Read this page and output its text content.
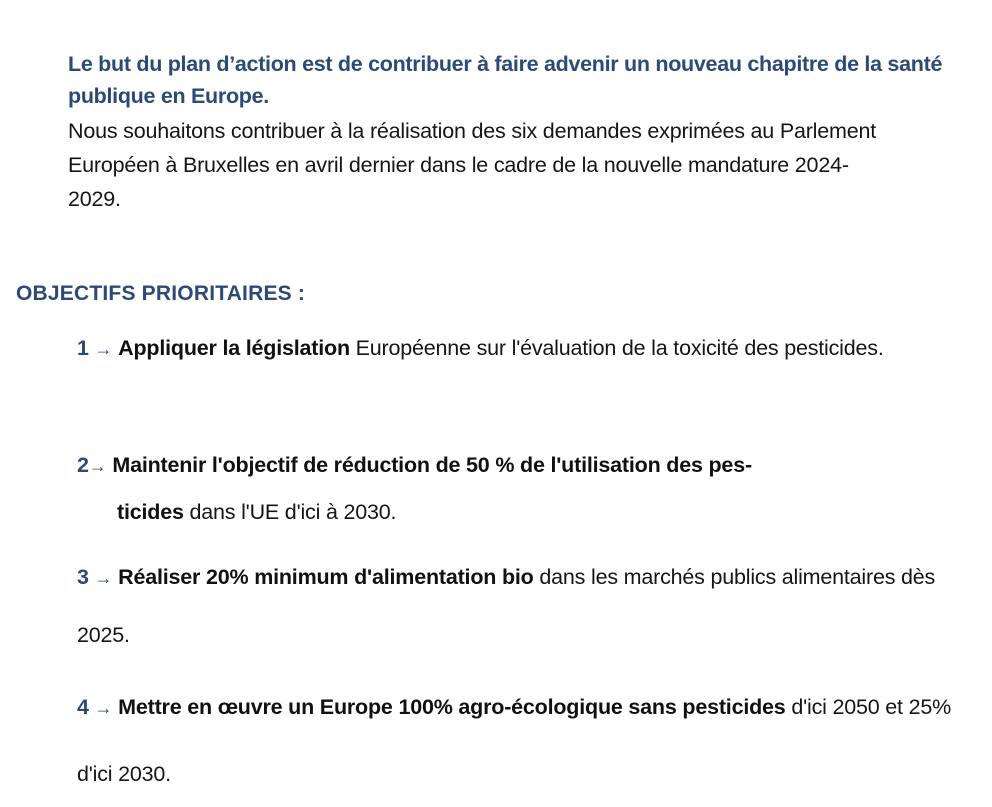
Le but du plan d’action est de contribuer à faire advenir un nouveau chapitre de la santé publique en Europe.

Nous souhaitons contribuer à la réalisation des six demandes exprimées au Parlement Européen à Bruxelles en avril dernier dans le cadre de la nouvelle mandature 2024-2029.

OBJECTIFS PRIORITAIRES :
1 → Appliquer la législation Européenne sur l'évaluation de la toxicité des pesticides.
2→ Maintenir l'objectif de réduction de 50 % de l'utilisation des pes-
ticides dans l'UE d'ici à 2030.
3 → Réaliser 20% minimum d'alimentation bio dans les marchés publics alimentaires dès 2025.
4 → Mettre en œuvre un Europe 100% agro-écologique sans pesticides d'ici 2050 et 25% d'ici 2030.
